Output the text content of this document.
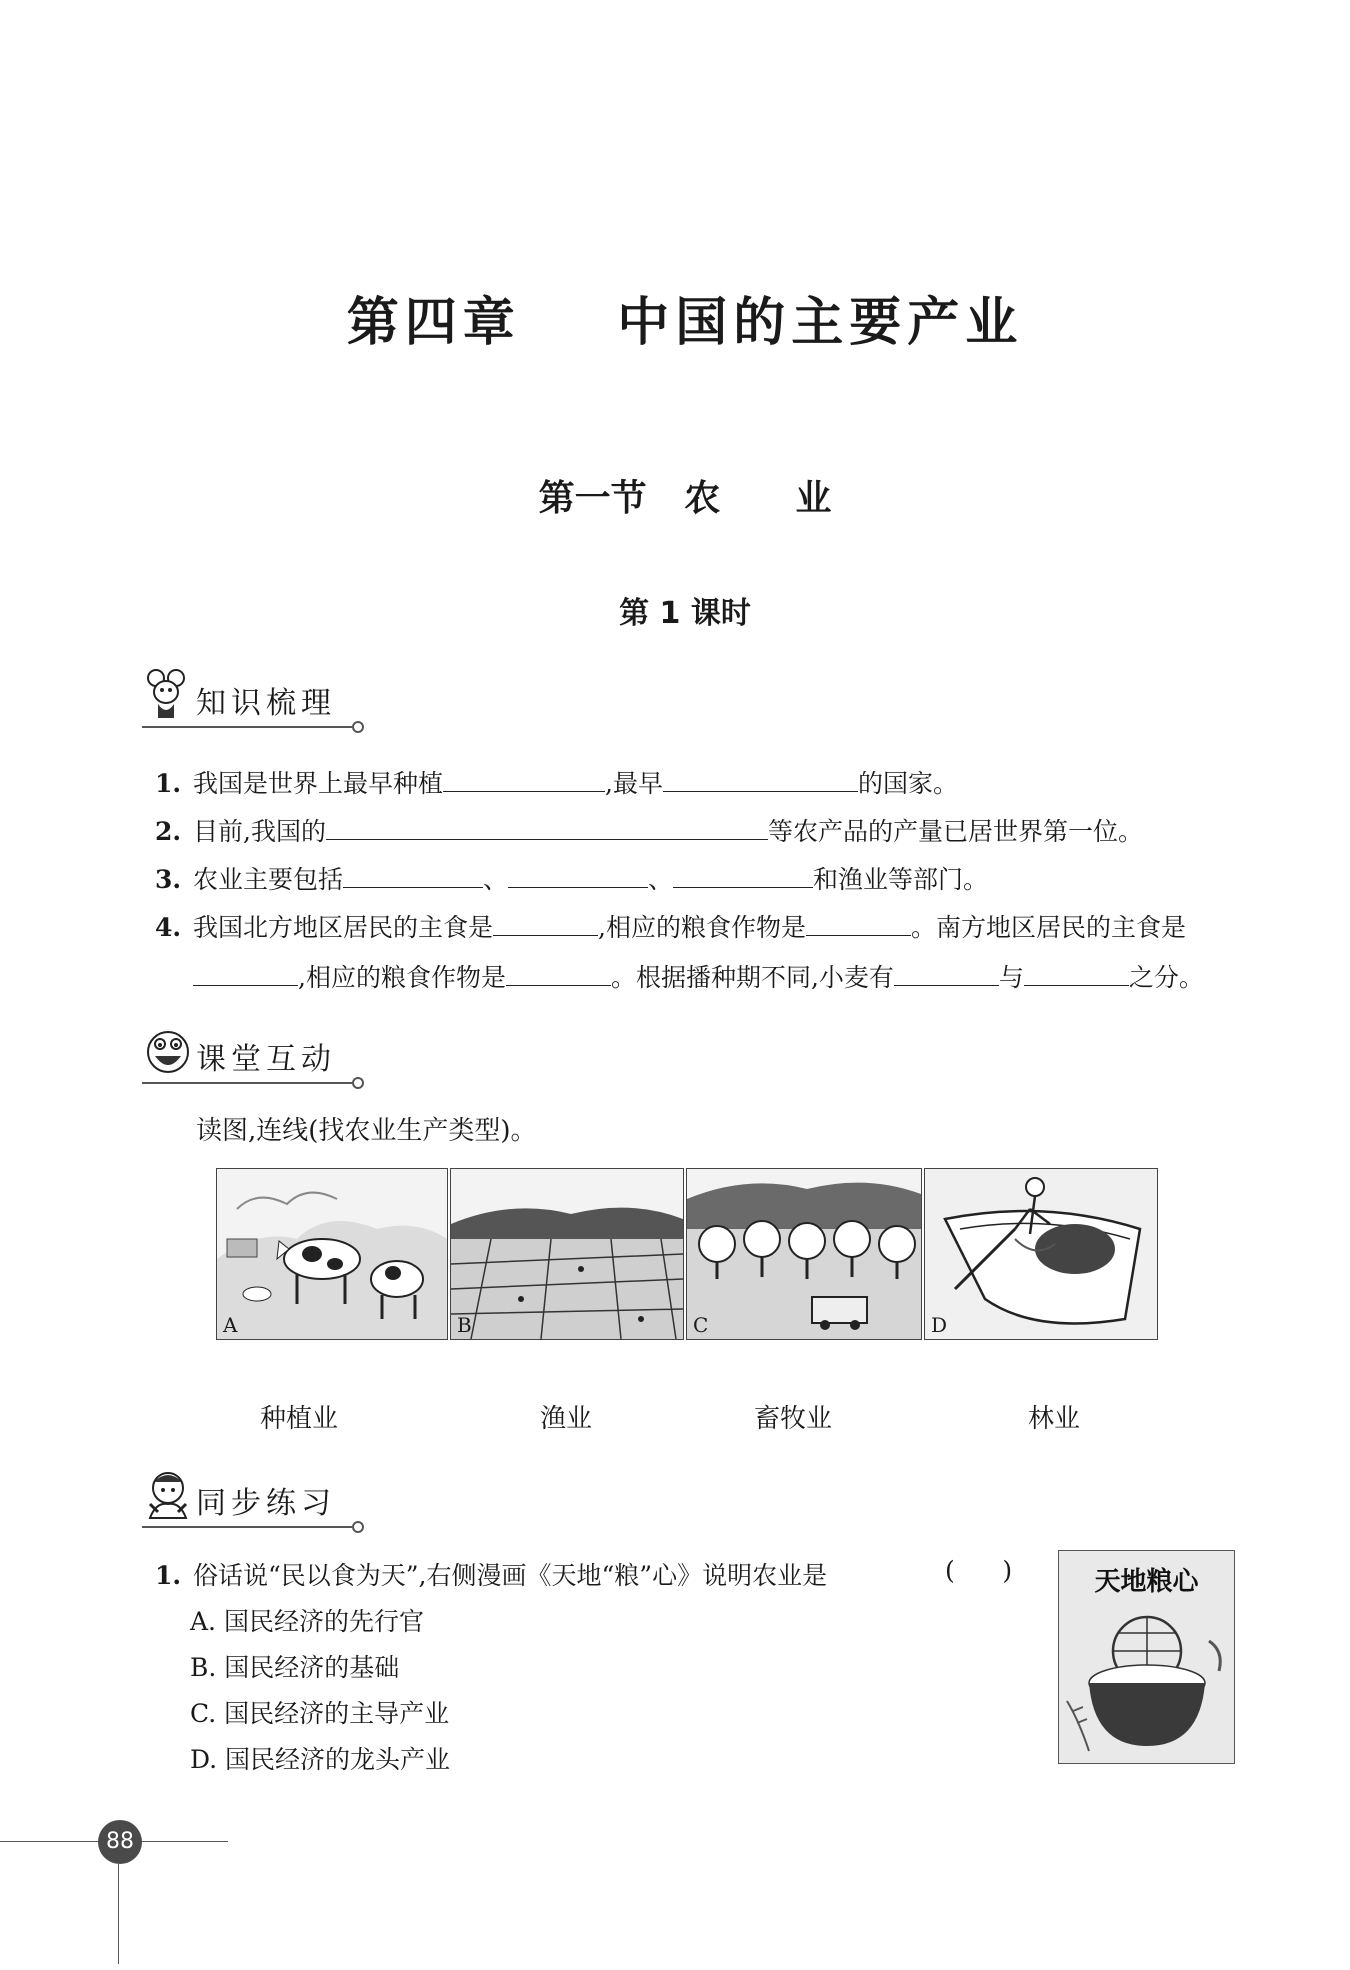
第四章    中国的主要产业
第一节   农      业
第 1 课时
知识梳理
1. 我国是世界上最早种植	,最早	的国家。
2. 目前,我国的	等农产品的产量已居世界第一位。
3. 农业主要包括	、	、	和渔业等部门。
4. 我国北方地区居民的主食是	,相应的粮食作物是	。南方地区居民的主食是
,相应的粮食作物是	。根据播种期不同,小麦有	与	之分。
课堂互动
读图,连线(找农业生产类型)。
A	B	C	D
种植业	渔业	畜牧业	林业
同步练习
1. 俗话说“民以食为天”,右侧漫画《天地“粮”心》说明农业是	(      )
A. 国民经济的先行官
B. 国民经济的基础
C. 国民经济的主导产业
D. 国民经济的龙头产业
天地粮心
88
